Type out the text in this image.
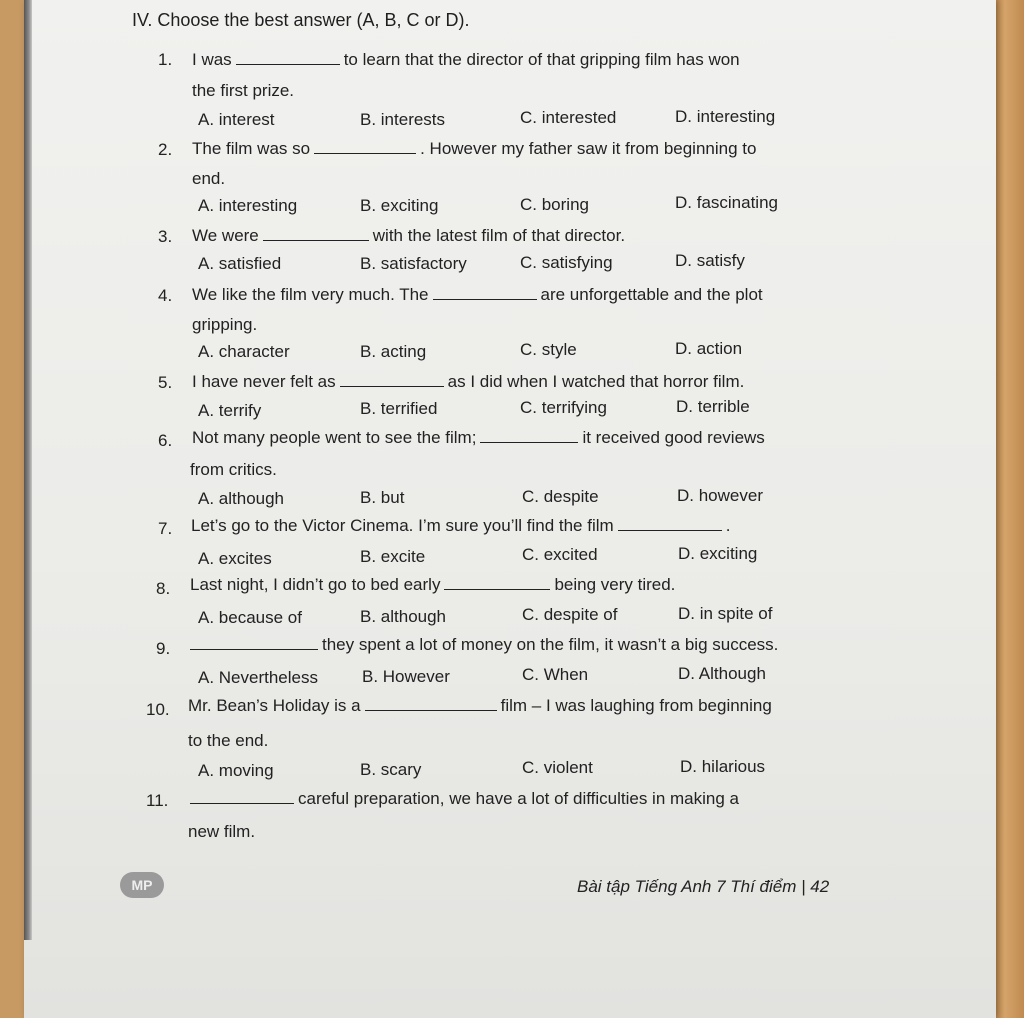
IV. Choose the best answer (A, B, C or D).
1. I was	to learn that the director of that gripping film has won
the first prize.
A. interest	B. interests	C. interested	D. interesting
2. The film was so	. However my father saw it from beginning to
end.
A. interesting	B. exciting	C. boring	D. fascinating
3. We were	with the latest film of that director.
A. satisfied	B. satisfactory	C. satisfying	D. satisfy
4. We like the film very much. The	are unforgettable and the plot
gripping.
A. character	B. acting	C. style	D. action
5. I have never felt as	as I did when I watched that horror film.
A. terrify	B. terrified	C. terrifying	D. terrible
6. Not many people went to see the film;	it received good reviews
from critics.
A. although	B. but	C. despite	D. however
7. Let’s go to the Victor Cinema. I’m sure you’ll find the film	.
A. excites	B. excite	C. excited	D. exciting
8. Last night, I didn’t go to bed early	being very tired.
A. because of	B. although	C. despite of	D. in spite of
9.	they spent a lot of money on the film, it wasn’t a big success.
A. Nevertheless	B. However	C. When	D. Although
10. Mr. Bean’s Holiday is a	film – I was laughing from beginning
to the end.
A. moving	B. scary	C. violent	D. hilarious
11.	careful preparation, we have a lot of difficulties in making a
new film.
MP	Bài tập Tiếng Anh 7 Thí điểm | 42
